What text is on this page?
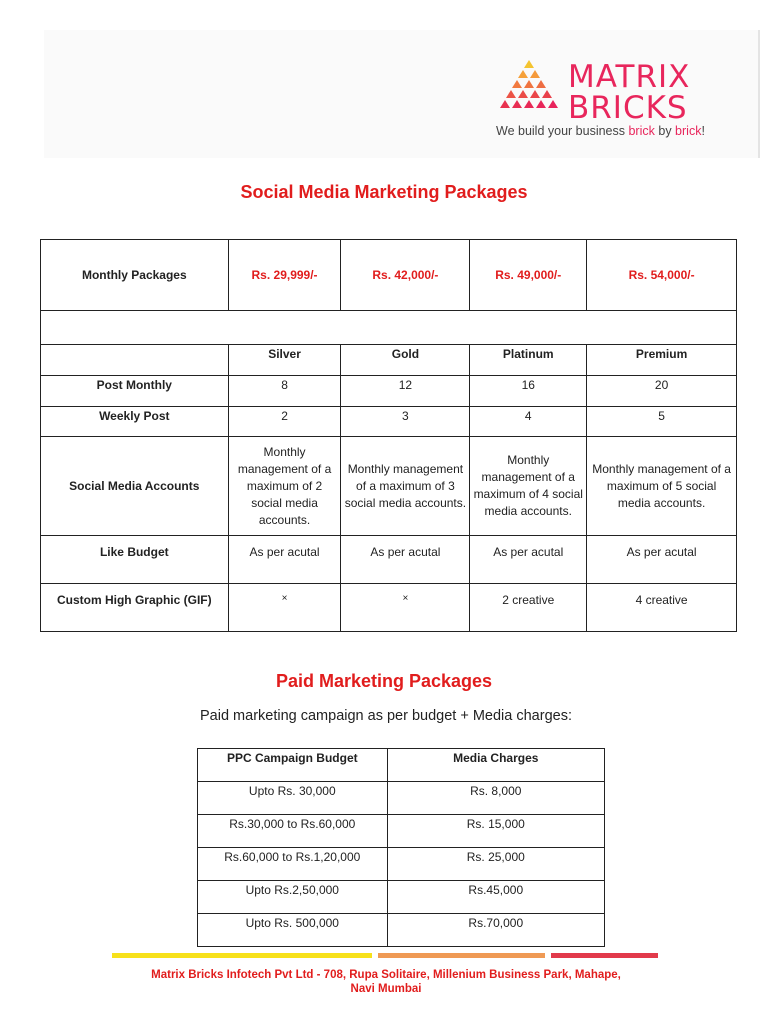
MATRIX
BRICKS
We build your business brick by brick!
Social Media Marketing Packages
Monthly Packages	Rs. 29,999/-	Rs. 42,000/-	Rs. 49,000/-	Rs. 54,000/-

	Silver	Gold	Platinum	Premium
Post Monthly	8	12	16	20
Weekly Post	2	3	4	5
Social Media Accounts	Monthly management of a maximum of 2 social media accounts.	Monthly management of a maximum of 3 social media accounts.	Monthly management of a maximum of 4 social media accounts.	Monthly management of a maximum of 5 social media accounts.
Like Budget	As per acutal	As per acutal	As per acutal	As per acutal
Custom High Graphic (GIF)	×	×	2 creative	4 creative
Paid Marketing Packages
Paid marketing campaign as per budget + Media charges:
PPC Campaign Budget	Media Charges
Upto Rs. 30,000	Rs. 8,000
Rs.30,000 to Rs.60,000	Rs. 15,000
Rs.60,000 to Rs.1,20,000	Rs. 25,000
Upto Rs.2,50,000	Rs.45,000
Upto Rs. 500,000	Rs.70,000
Matrix Bricks Infotech Pvt Ltd - 708, Rupa Solitaire, Millenium Business Park, Mahape,
Navi Mumbai
